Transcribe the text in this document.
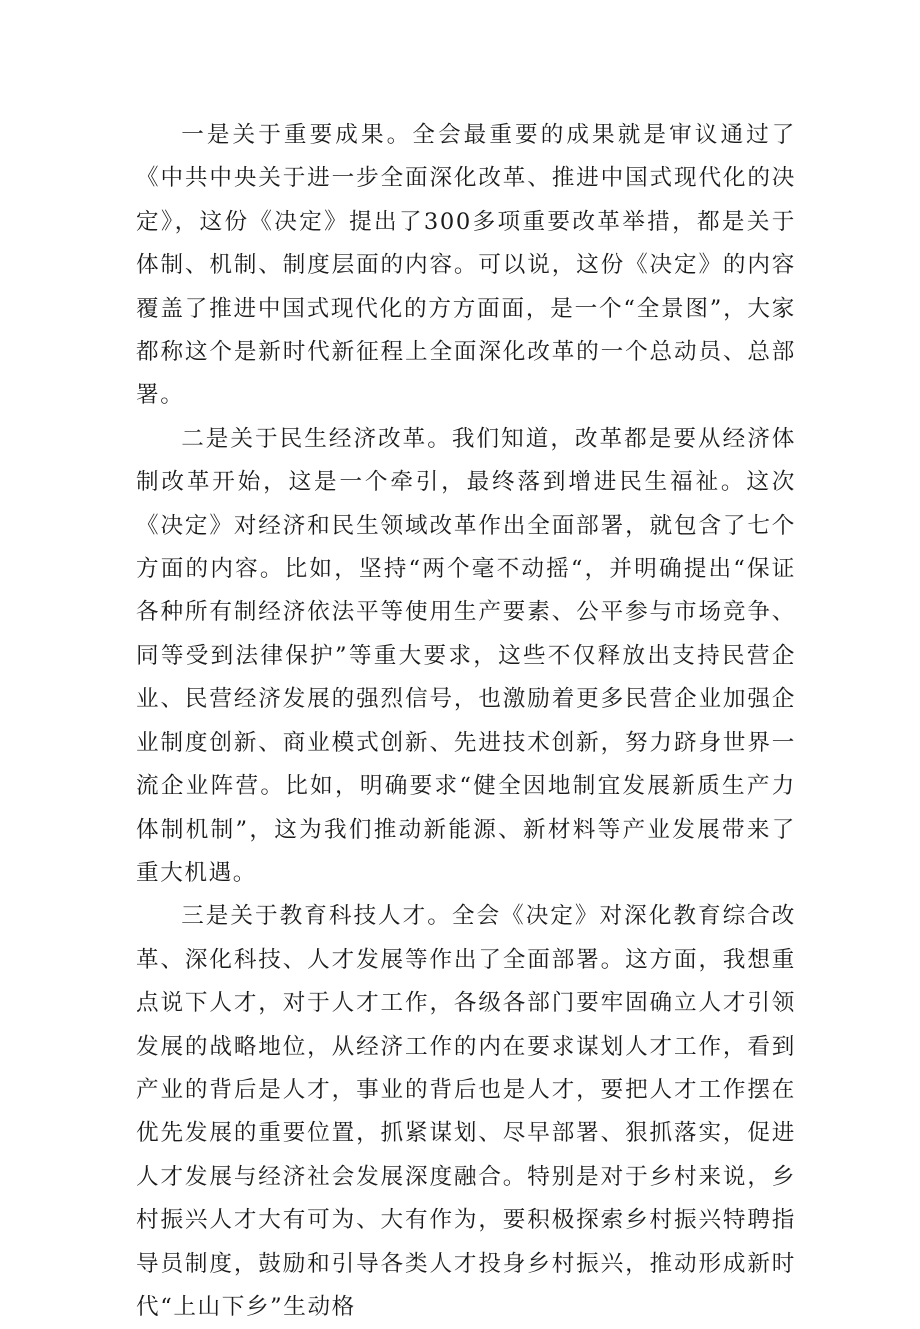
一是关于重要成果。全会最重要的成果就是审议通过了《中共中央关于进一步全面深化改革、推进中国式现代化的决定》，这份《决定》提出了300多项重要改革举措，都是关于体制、机制、制度层面的内容。可以说，这份《决定》的内容覆盖了推进中国式现代化的方方面面，是一个“全景图”，大家都称这个是新时代新征程上全面深化改革的一个总动员、总部署。

二是关于民生经济改革。我们知道，改革都是要从经济体制改革开始，这是一个牵引，最终落到增进民生福祉。这次《决定》对经济和民生领域改革作出全面部署，就包含了七个方面的内容。比如，坚持“两个毫不动摇“，并明确提出“保证各种所有制经济依法平等使用生产要素、公平参与市场竞争、同等受到法律保护”等重大要求，这些不仅释放出支持民营企业、民营经济发展的强烈信号，也激励着更多民营企业加强企业制度创新、商业模式创新、先进技术创新，努力跻身世界一流企业阵营。比如，明确要求“健全因地制宜发展新质生产力体制机制”，这为我们推动新能源、新材料等产业发展带来了重大机遇。

三是关于教育科技人才。全会《决定》对深化教育综合改革、深化科技、人才发展等作出了全面部署。这方面，我想重点说下人才，对于人才工作，各级各部门要牢固确立人才引领发展的战略地位，从经济工作的内在要求谋划人才工作，看到产业的背后是人才，事业的背后也是人才，要把人才工作摆在优先发展的重要位置，抓紧谋划、尽早部署、狠抓落实，促进人才发展与经济社会发展深度融合。特别是对于乡村来说，乡村振兴人才大有可为、大有作为，要积极探索乡村振兴特聘指导员制度，鼓励和引导各类人才投身乡村振兴，推动形成新时代“上山下乡”生动格
